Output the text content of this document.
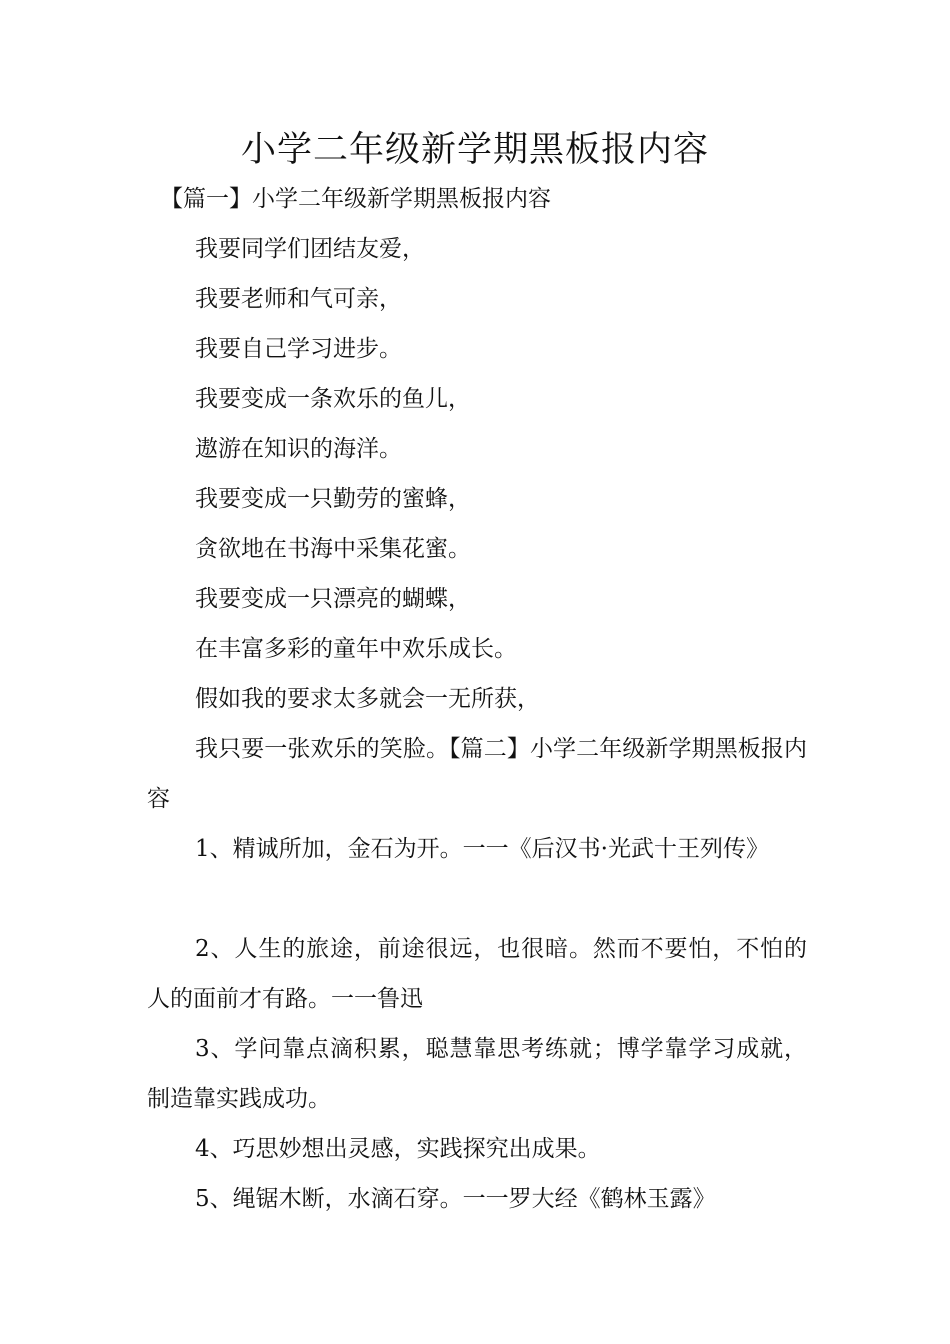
小学二年级新学期黑板报内容

【篇一】小学二年级新学期黑板报内容

我要同学们团结友爱，

我要老师和气可亲，

我要自己学习进步。

我要变成一条欢乐的鱼儿，

遨游在知识的海洋。

我要变成一只勤劳的蜜蜂，

贪欲地在书海中采集花蜜。

我要变成一只漂亮的蝴蝶，

在丰富多彩的童年中欢乐成长。

假如我的要求太多就会一无所获，

我只要一张欢乐的笑脸。【篇二】小学二年级新学期黑板报内容

1、精诚所加，金石为开。一一《后汉书·光武十王列传》

2、人生的旅途，前途很远，也很暗。然而不要怕，不怕的人的面前才有路。一一鲁迅

3、学问靠点滴积累，聪慧靠思考练就；博学靠学习成就，制造靠实践成功。

4、巧思妙想出灵感，实践探究出成果。

5、绳锯木断，水滴石穿。一一罗大经《鹤林玉露》
